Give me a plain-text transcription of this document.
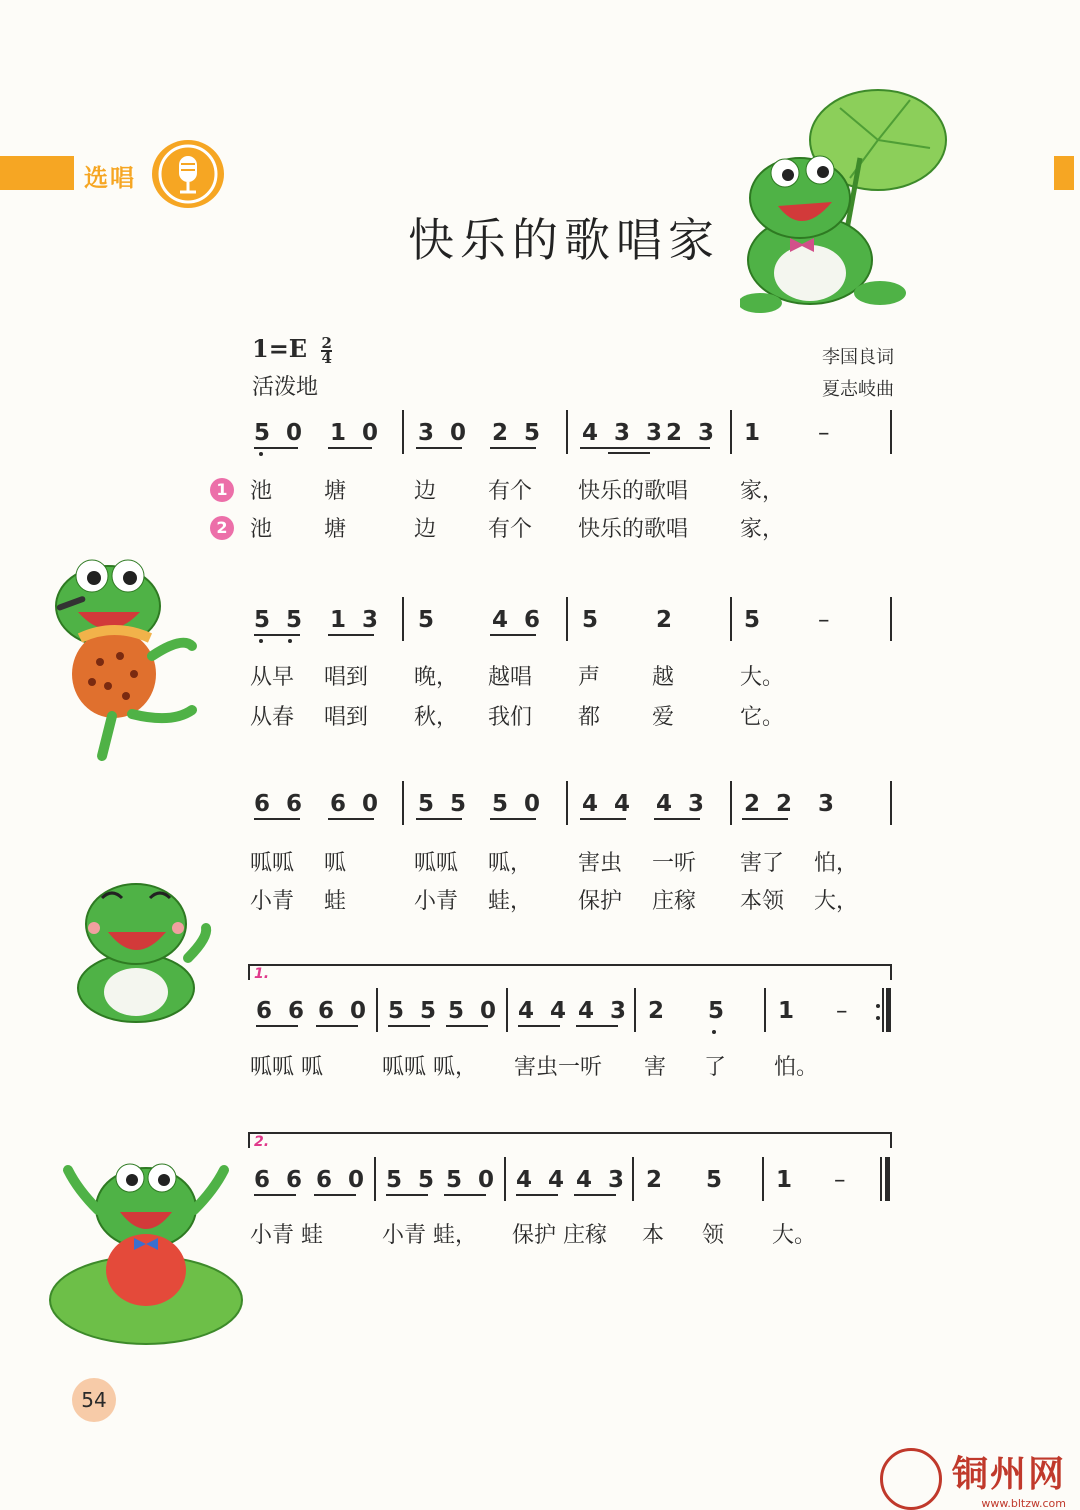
选唱
快乐的歌唱家
$1=E \frac{2}{4}$
活泼地
李国良词
夏志岐曲
5 0 1 0 3 0 2 5 4 3 3 2 3 1 –
1
2
池 塘	边 有个 快乐的歌唱 家，
池 塘	边 有个 快乐的歌唱 家，
5 5 1 3 5 4 6 5 2	5 –
从早 唱到 晚， 越唱 声 越	大。
从春 唱到 秋， 我们 都 爱	它。
6 6 6 0 5 5 5 0 4 4 4 3 2 2 3
呱呱 呱	呱呱 呱， 害虫 一听 害了 怕，
小青 蛙	小青 蛙， 保护 庄稼 本领 大，
1.
6 6 6 0 5 5 5 0 4 4 4 3 2 5 1 –
呱呱 呱	呱呱 呱， 害虫一听 害 了 怕。
2.
6 6 6 0 5 5 5 0 4 4 4 3 2 5 1 –
小青 蛙	小青 蛙， 保护 庄稼 本 领 大。
54
铜州网
www.bltzw.com
